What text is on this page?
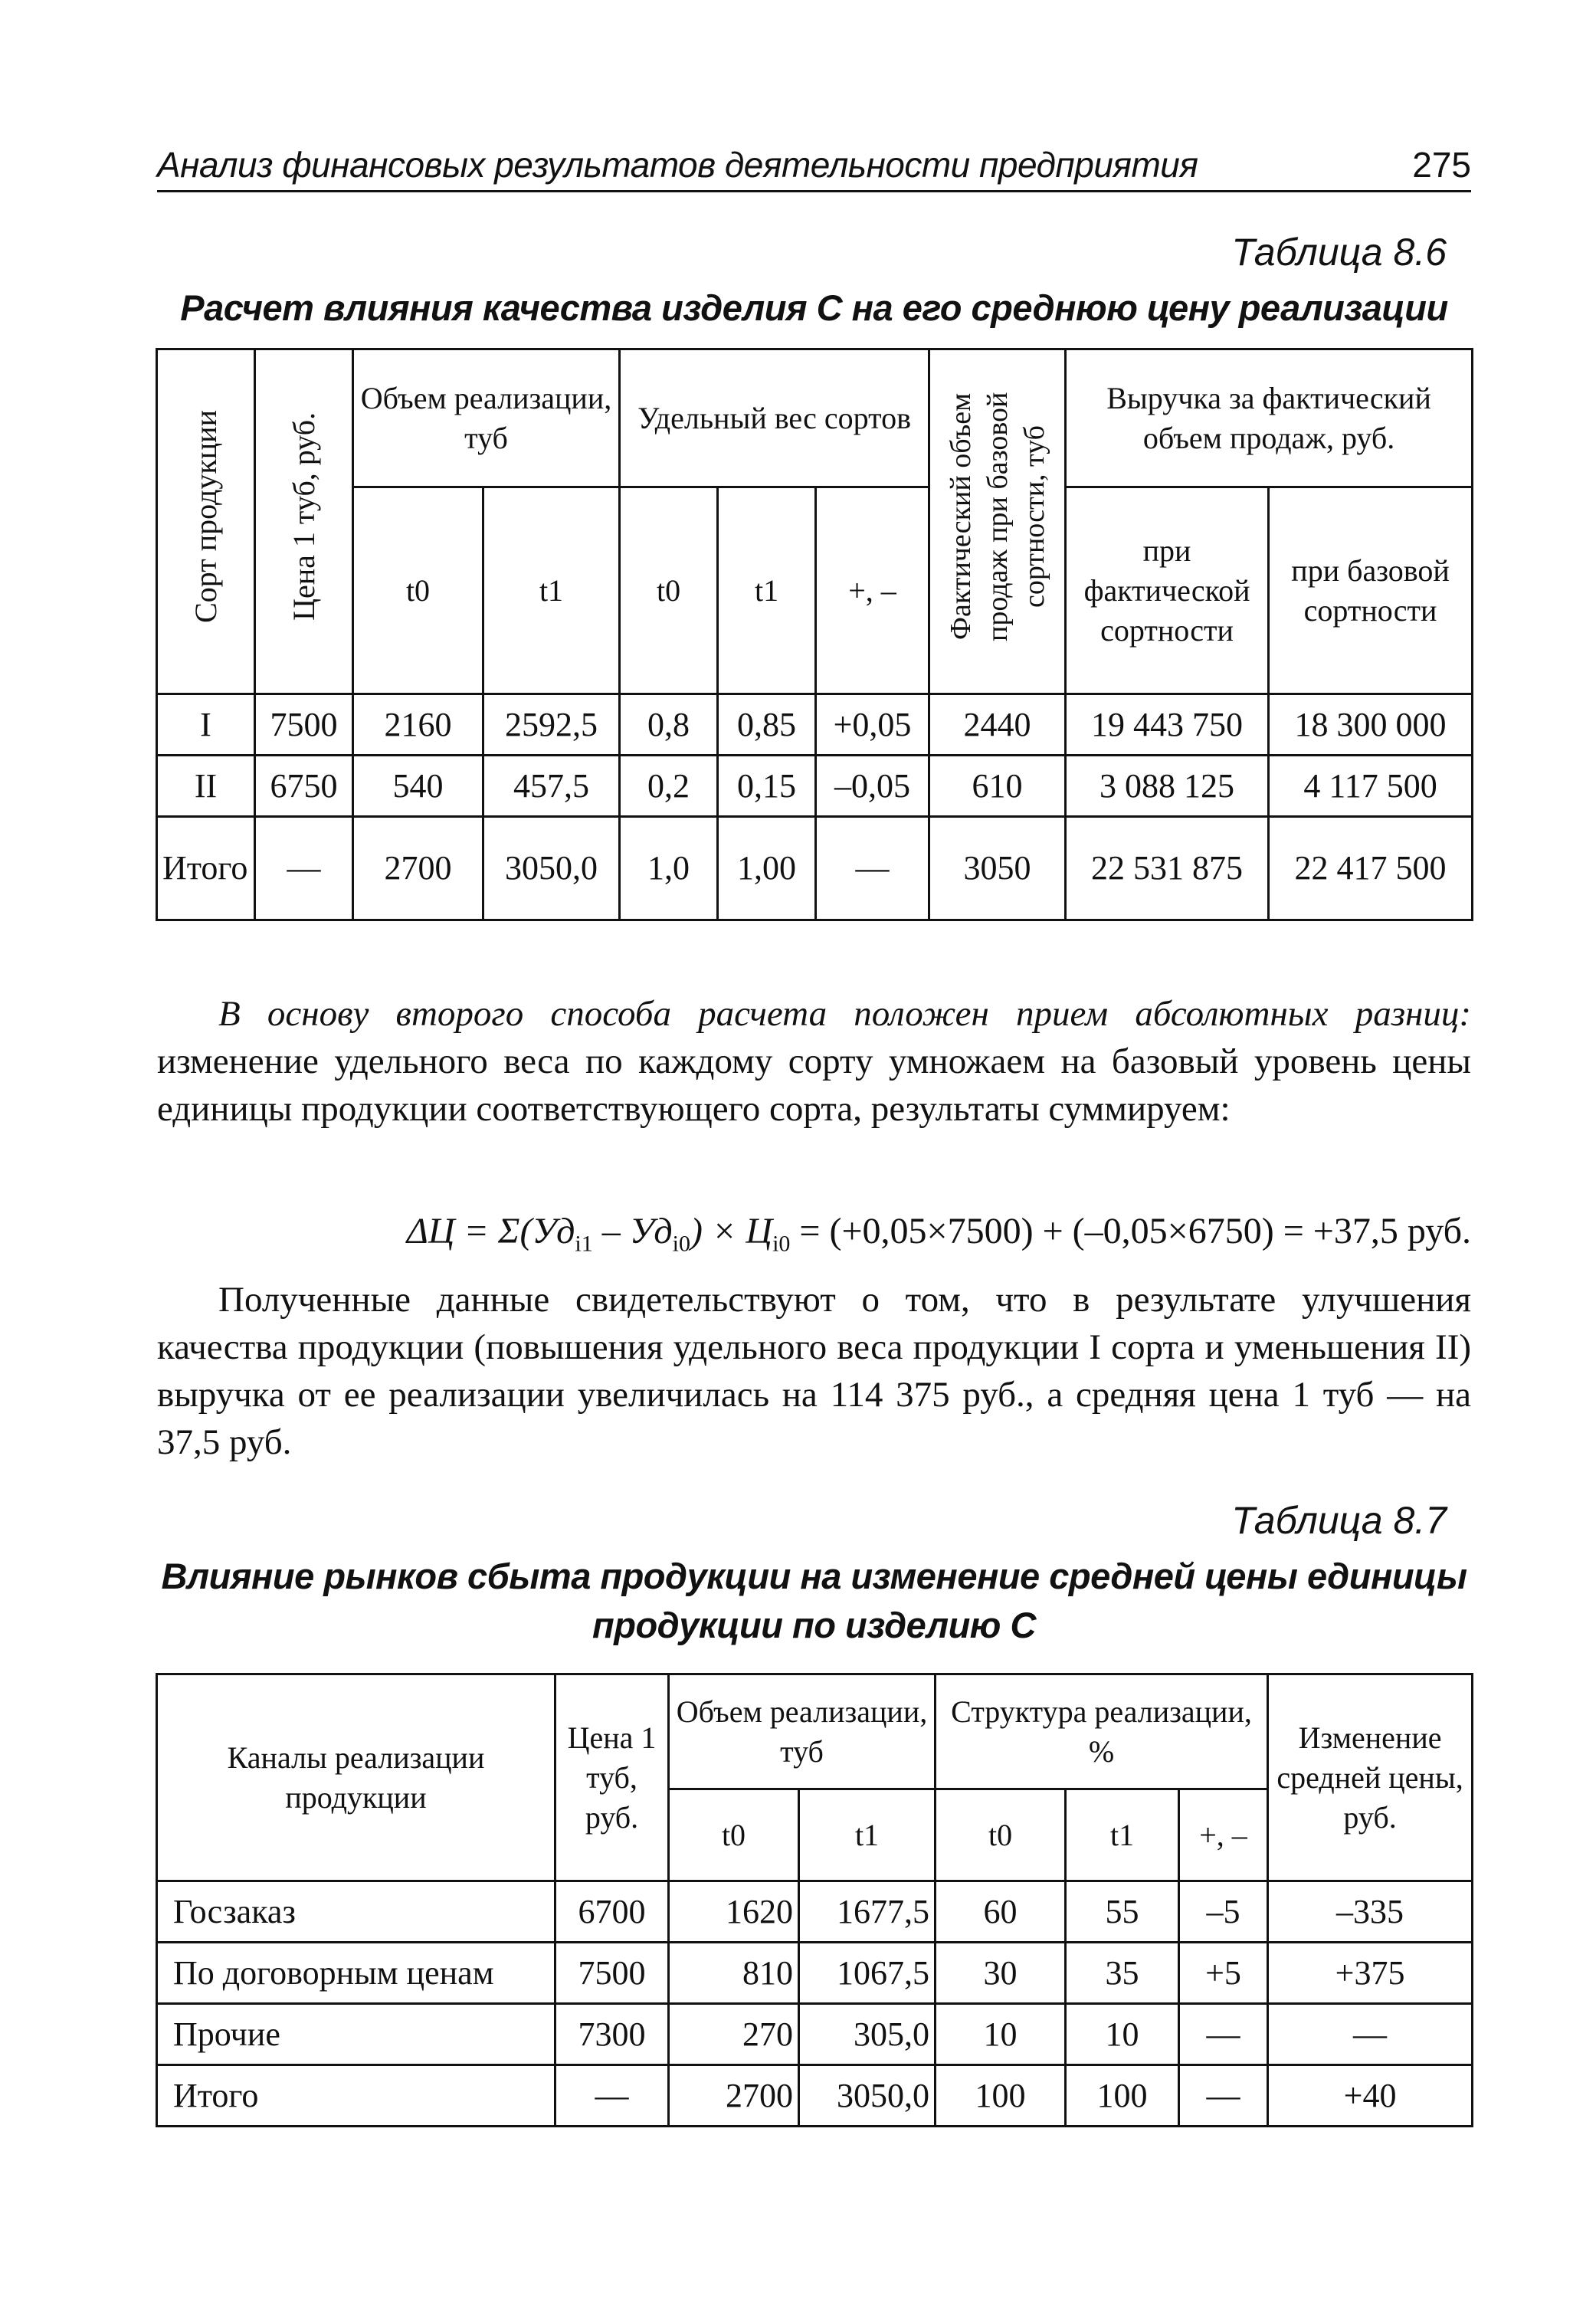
Анализ финансовых результатов деятельности предприятия	275
Таблица 8.6
Расчет влияния качества изделия С на его среднюю цену реализации
Сорт продукции	Цена 1 туб, руб.	Объем реализации, туб		Удельный вес сортов			Фактический объем продаж при базовой сортности, туб	Выручка за фактический объем продаж, руб.	
		t0	t1	t0	t1	+, –		при фактической сортности	при базовой сортности
I	7500	2160	2592,5	0,8	0,85	+0,05	2440	19 443 750	18 300 000
II	6750	540	457,5	0,2	0,15	–0,05	610	3 088 125	4 117 500
Итого	—	2700	3050,0	1,0	1,00	—	3050	22 531 875	22 417 500

В основу второго способа расчета положен прием абсолютных разниц: изменение удельного веса по каждому сорту умножаем на базовый уровень цены единицы продукции соответствующего сорта, результаты суммируем:

$\Delta Ц = \Sigma(Уд_{i1} - Уд_{i0}) \times Ц_{i0} = (+0,05\times 7500) + (-0,05\times 6750) = +37,5$ руб.

Полученные данные свидетельствуют о том, что в результате улучшения качества продукции (повышения удельного веса продукции I сорта и уменьшения II) выручка от ее реализации увеличилась на 114 375 руб., а средняя цена 1 туб — на 37,5 руб.

Таблица 8.7
Влияние рынков сбыта продукции на изменение средней цены единицы
продукции по изделию С
Каналы реализации продукции	Цена 1 туб, руб.	Объем реализации, туб		Структура реализации, %			Изменение средней цены, руб.
		t0	t1	t0	t1	+, –	
Госзаказ	6700	1620	1677,5	60	55	–5	–335
По договорным ценам	7500	810	1067,5	30	35	+5	+375
Прочие	7300	270	305,0	10	10	—	—
Итого	—	2700	3050,0	100	100	—	+40
